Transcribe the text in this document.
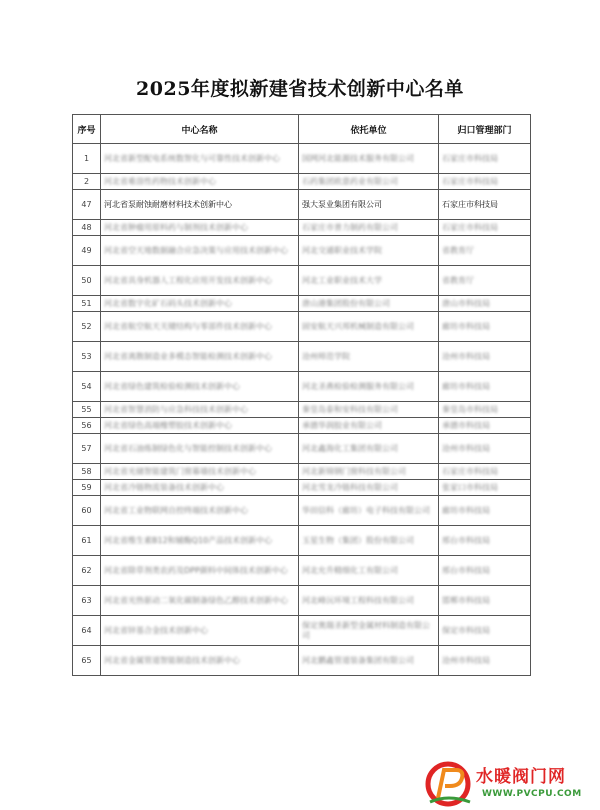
2025年度拟新建省技术创新中心名单
序号	中心名称	依托单位	归口管理部门
1	河北省新型配电系统数智化与可靠性技术创新中心	国网河北能源技术服务有限公司	石家庄市科技局
2	河北省难溶性药物技术创新中心	石药集团欧意药业有限公司	石家庄市科技局
47	河北省泵耐蚀耐磨材料技术创新中心	强大泵业集团有限公司	石家庄市科技局
48	河北省肿瘤用原料药与制剂技术创新中心	石家庄市普力制药有限公司	石家庄市科技局
49	河北省空天地数据融合应急决策与应用技术创新中心	河北交通职业技术学院	省教育厅
50	河北省具身机器人工程化应用开发技术创新中心	河北工业职业技术大学	省教育厅
51	河北省数字化矿石码头技术创新中心	唐山港集团股份有限公司	唐山市科技局
52	河北省航空航天关键结构与零部件技术创新中心	固安航天兴邦机械制造有限公司	廊坊市科技局
53	河北省离散制造业多模态智能检测技术创新中心	沧州师范学院	沧州市科技局
54	河北省绿色建筑检验检测技术创新中心	河北圣燕检验检测服务有限公司	廊坊市科技局
55	河北省智慧消防与应急科技技术创新中心	秦皇岛泰和安科技有限公司	秦皇岛市科技局
56	河北省绿色高端橡塑胶技术创新中心	承德华润胶业有限公司	承德市科技局
57	河北省石油炼制绿色化与智能控制技术创新中心	河北鑫海化工集团有限公司	沧州市科技局
58	河北省光储智能建筑门窗幕墙技术创新中心	河北新锦钢门窗科技有限公司	石家庄市科技局
59	河北省冷链物流装备技术创新中心	河北雪龙冷链科技有限公司	张家口市科技局
60	河北省工业物联网自控终端技术创新中心	华田信科（廊坊）电子科技有限公司	廊坊市科技局
61	河北省维生素B12和辅酶Q10产品技术创新中心	玉星生物（集团）股份有限公司	邢台市科技局
62	河北省除草剂类农药及DPP颜料中间体技术创新中心	河北允升精细化工有限公司	邢台市科技局
63	河北省光热驱动二氧化碳制备绿色乙醇技术创新中心	河北峰沅环境工程科技有限公司	邯郸市科技局
64	河北省锌基合金技术创新中心	保定奥瑞圣新型金属材料制造有限公司	保定市科技局
65	河北省金属管道智能制造技术创新中心	河北鹏鑫管道装备集团有限公司	沧州市科技局
水暖阀门网
WWW.PVCPU.COM
